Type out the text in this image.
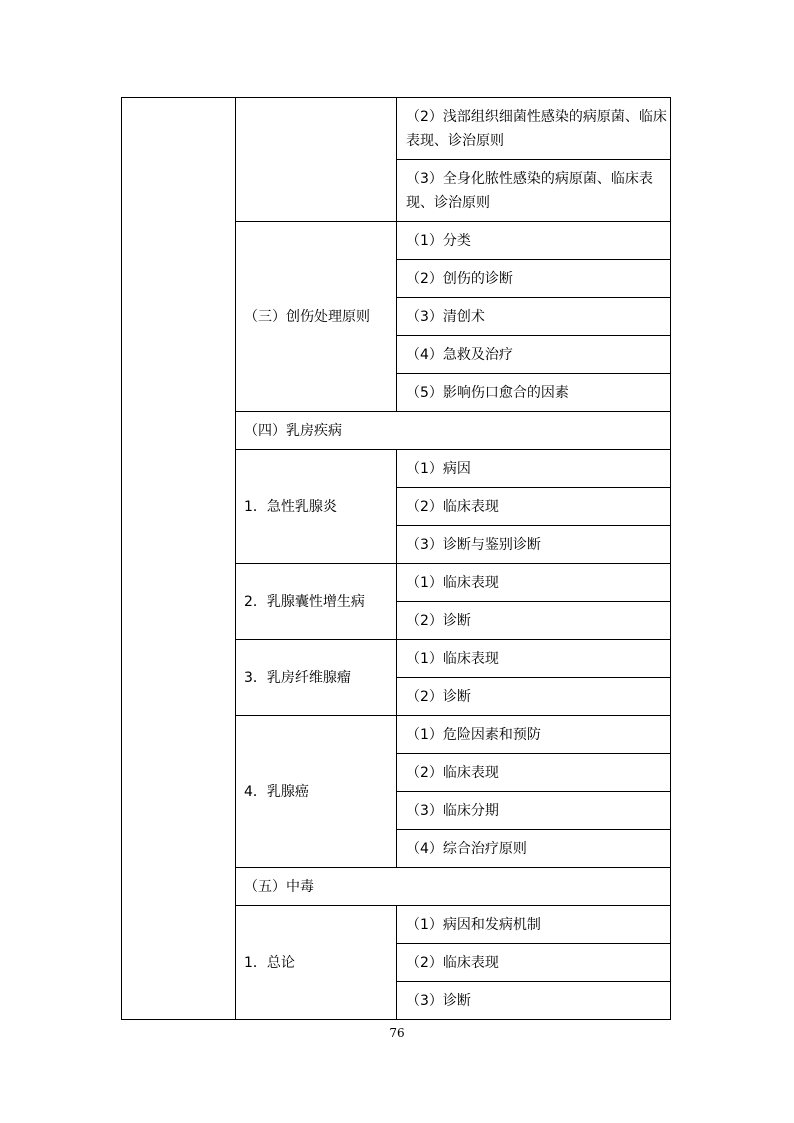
		（2）浅部组织细菌性感染的病原菌、临床表现、诊治原则
		（3）全身化脓性感染的病原菌、临床表现、诊治原则
	（三）创伤处理原则	（1）分类
		（2）创伤的诊断
		（3）清创术
		（4）急救及治疗
		（5）影响伤口愈合的因素
	（四）乳房疾病	
	1．急性乳腺炎	（1）病因
		（2）临床表现
		（3）诊断与鉴别诊断
	2．乳腺囊性增生病	（1）临床表现
		（2）诊断
	3．乳房纤维腺瘤	（1）临床表现
		（2）诊断
	4．乳腺癌	（1）危险因素和预防
		（2）临床表现
		（3）临床分期
		（4）综合治疗原则
	（五）中毒	
	1．总论	（1）病因和发病机制
		（2）临床表现
		（3）诊断
76
